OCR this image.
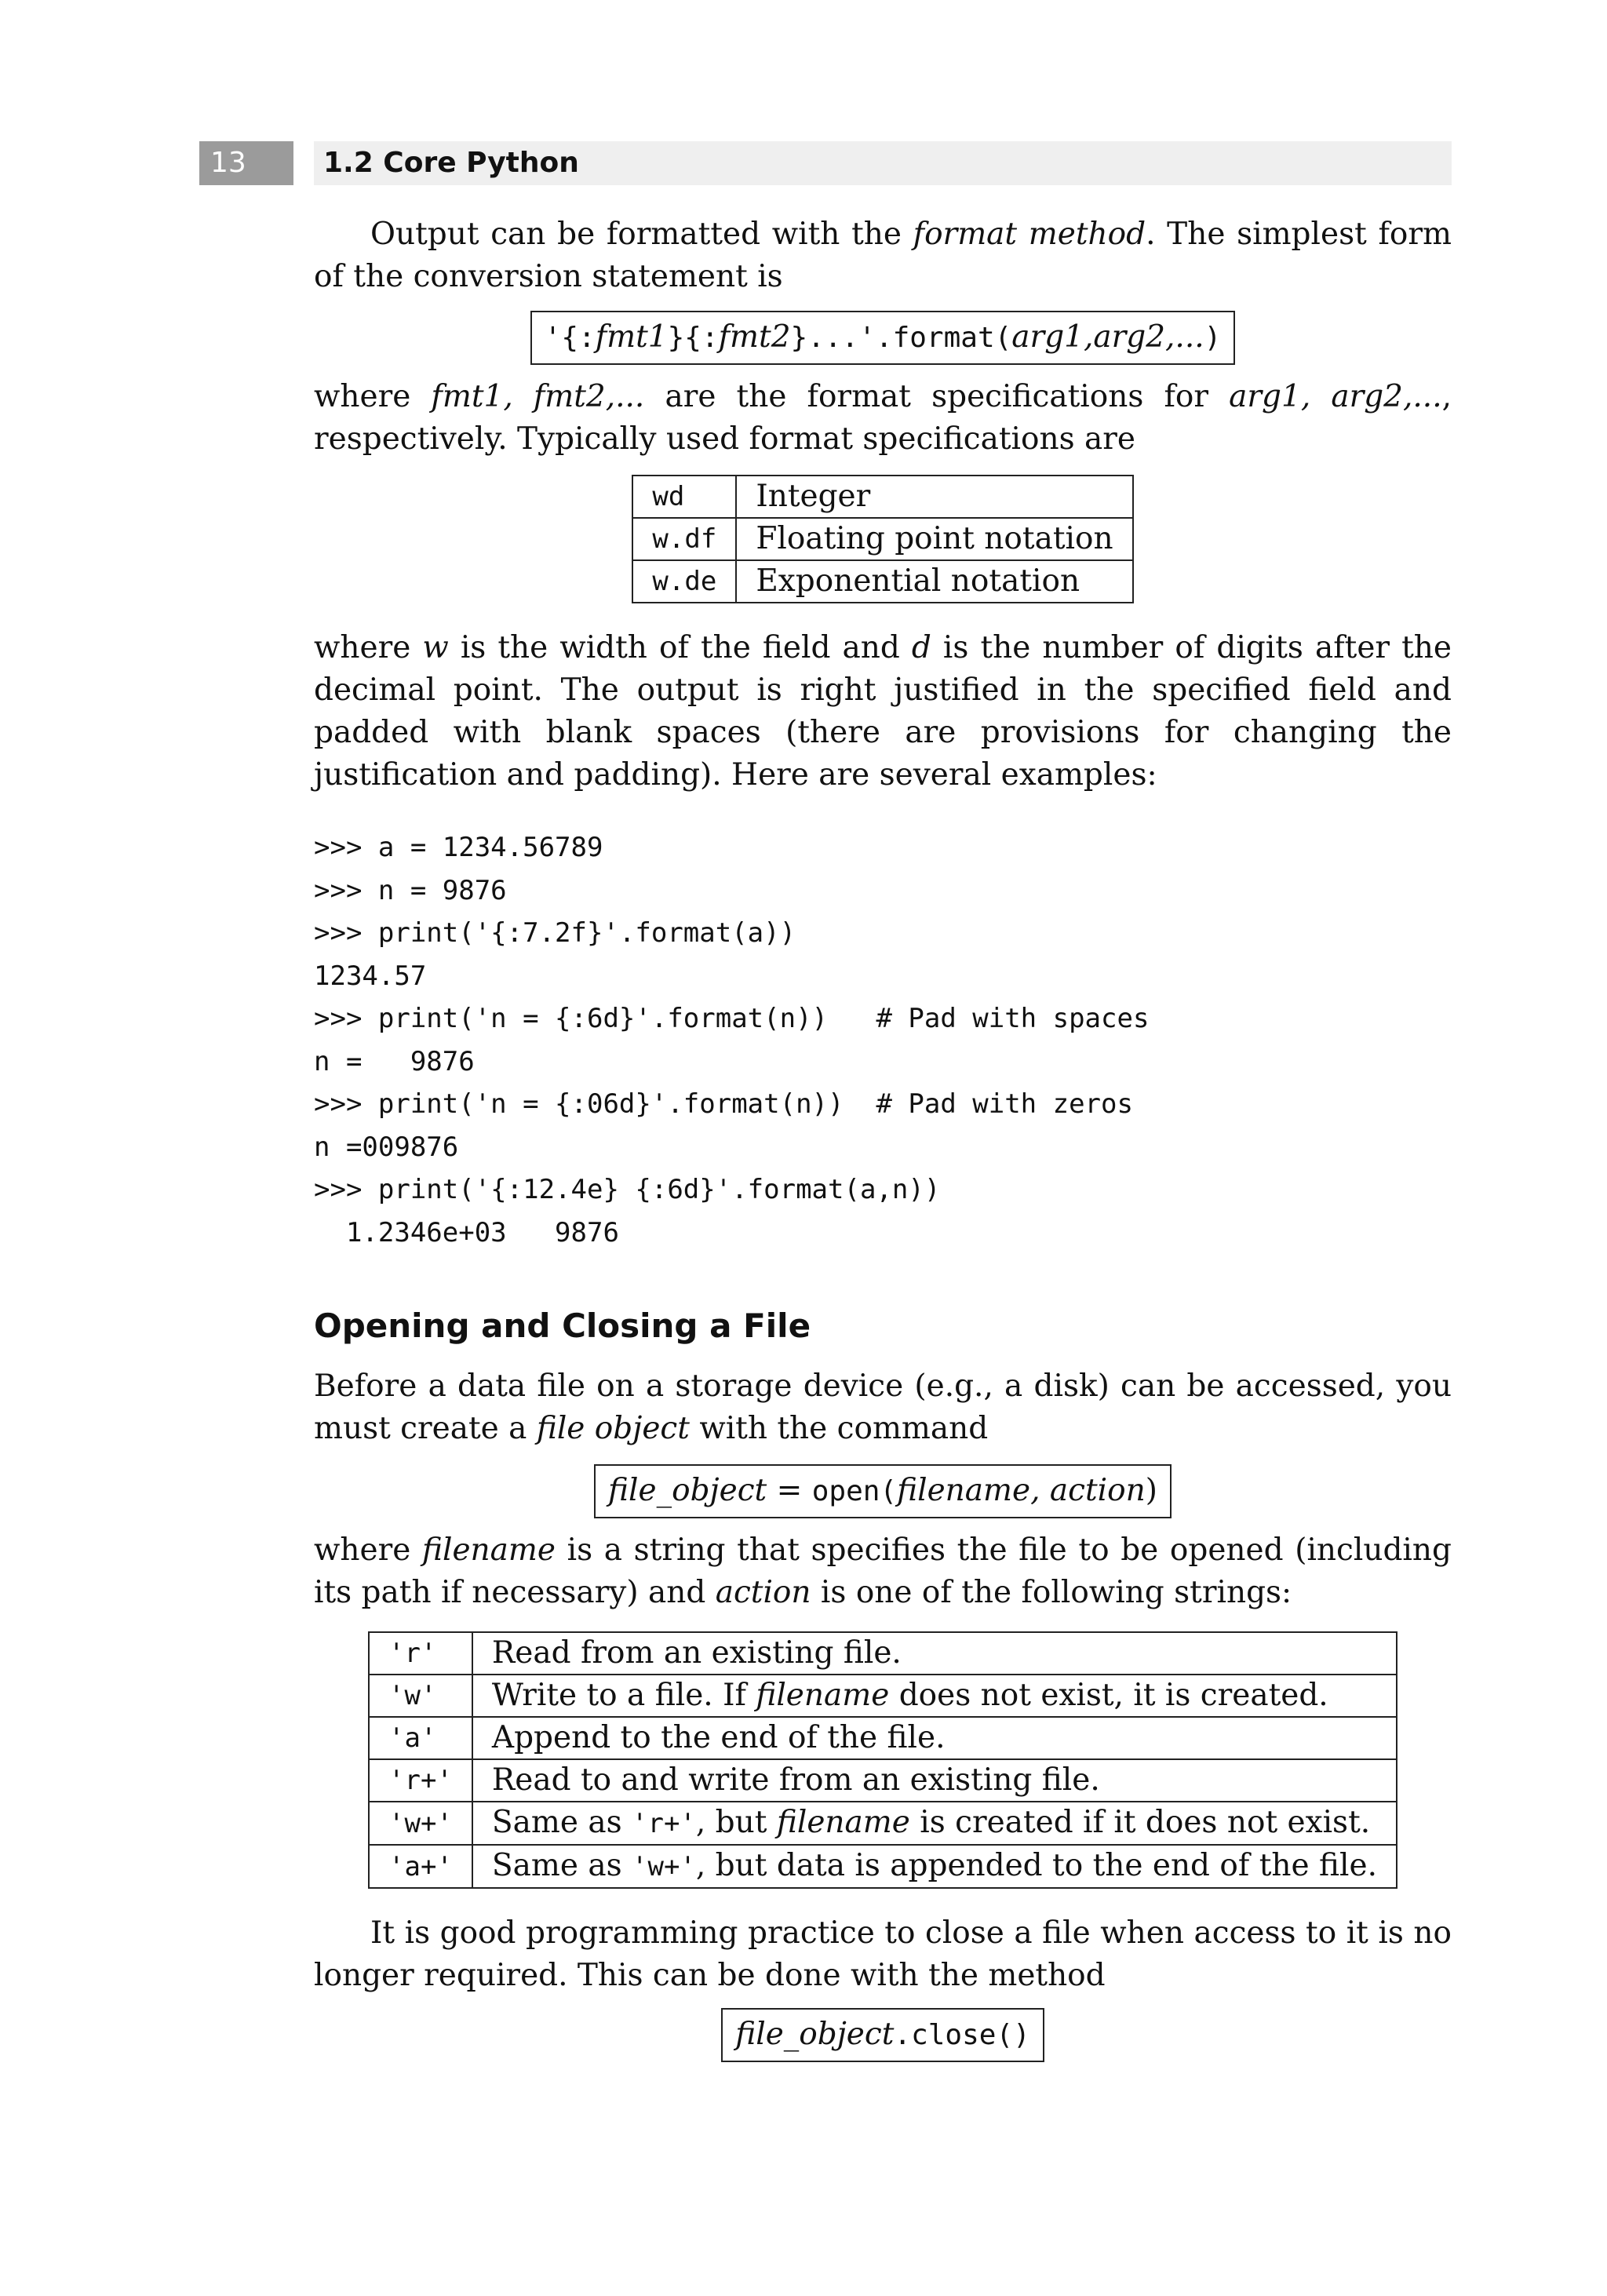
13	1.2 Core Python

Output can be formatted with the format method. The simplest form of the conversion statement is

'{:fmt1}{:fmt2}...'.format(arg1,arg2,...)

where fmt1, fmt2,... are the format specifications for arg1, arg2,..., respectively. Typically used format specifications are

wd	Integer
w.df	Floating point notation
w.de	Exponential notation

where w is the width of the field and d is the number of digits after the decimal point. The output is right justified in the specified field and padded with blank spaces (there are provisions for changing the justification and padding). Here are several examples:

>>> a = 1234.56789
>>> n = 9876
>>> print('{:7.2f}'.format(a))
1234.57
>>> print('n = {:6d}'.format(n))   # Pad with spaces
n =   9876
>>> print('n = {:06d}'.format(n))  # Pad with zeros
n =009876
>>> print('{:12.4e} {:6d}'.format(a,n))
1.2346e+03   9876
Opening and Closing a File

Before a data file on a storage device (e.g., a disk) can be accessed, you must create a file object with the command

file_object = open(filename, action)

where filename is a string that specifies the file to be opened (including its path if necessary) and action is one of the following strings:

'r'	Read from an existing file.
'w'	Write to a file. If filename does not exist, it is created.
'a'	Append to the end of the file.
'r+'	Read to and write from an existing file.
'w+'	Same as 'r+', but filename is created if it does not exist.
'a+'	Same as 'w+', but data is appended to the end of the file.

It is good programming practice to close a file when access to it is no longer required. This can be done with the method

file_object.close()
